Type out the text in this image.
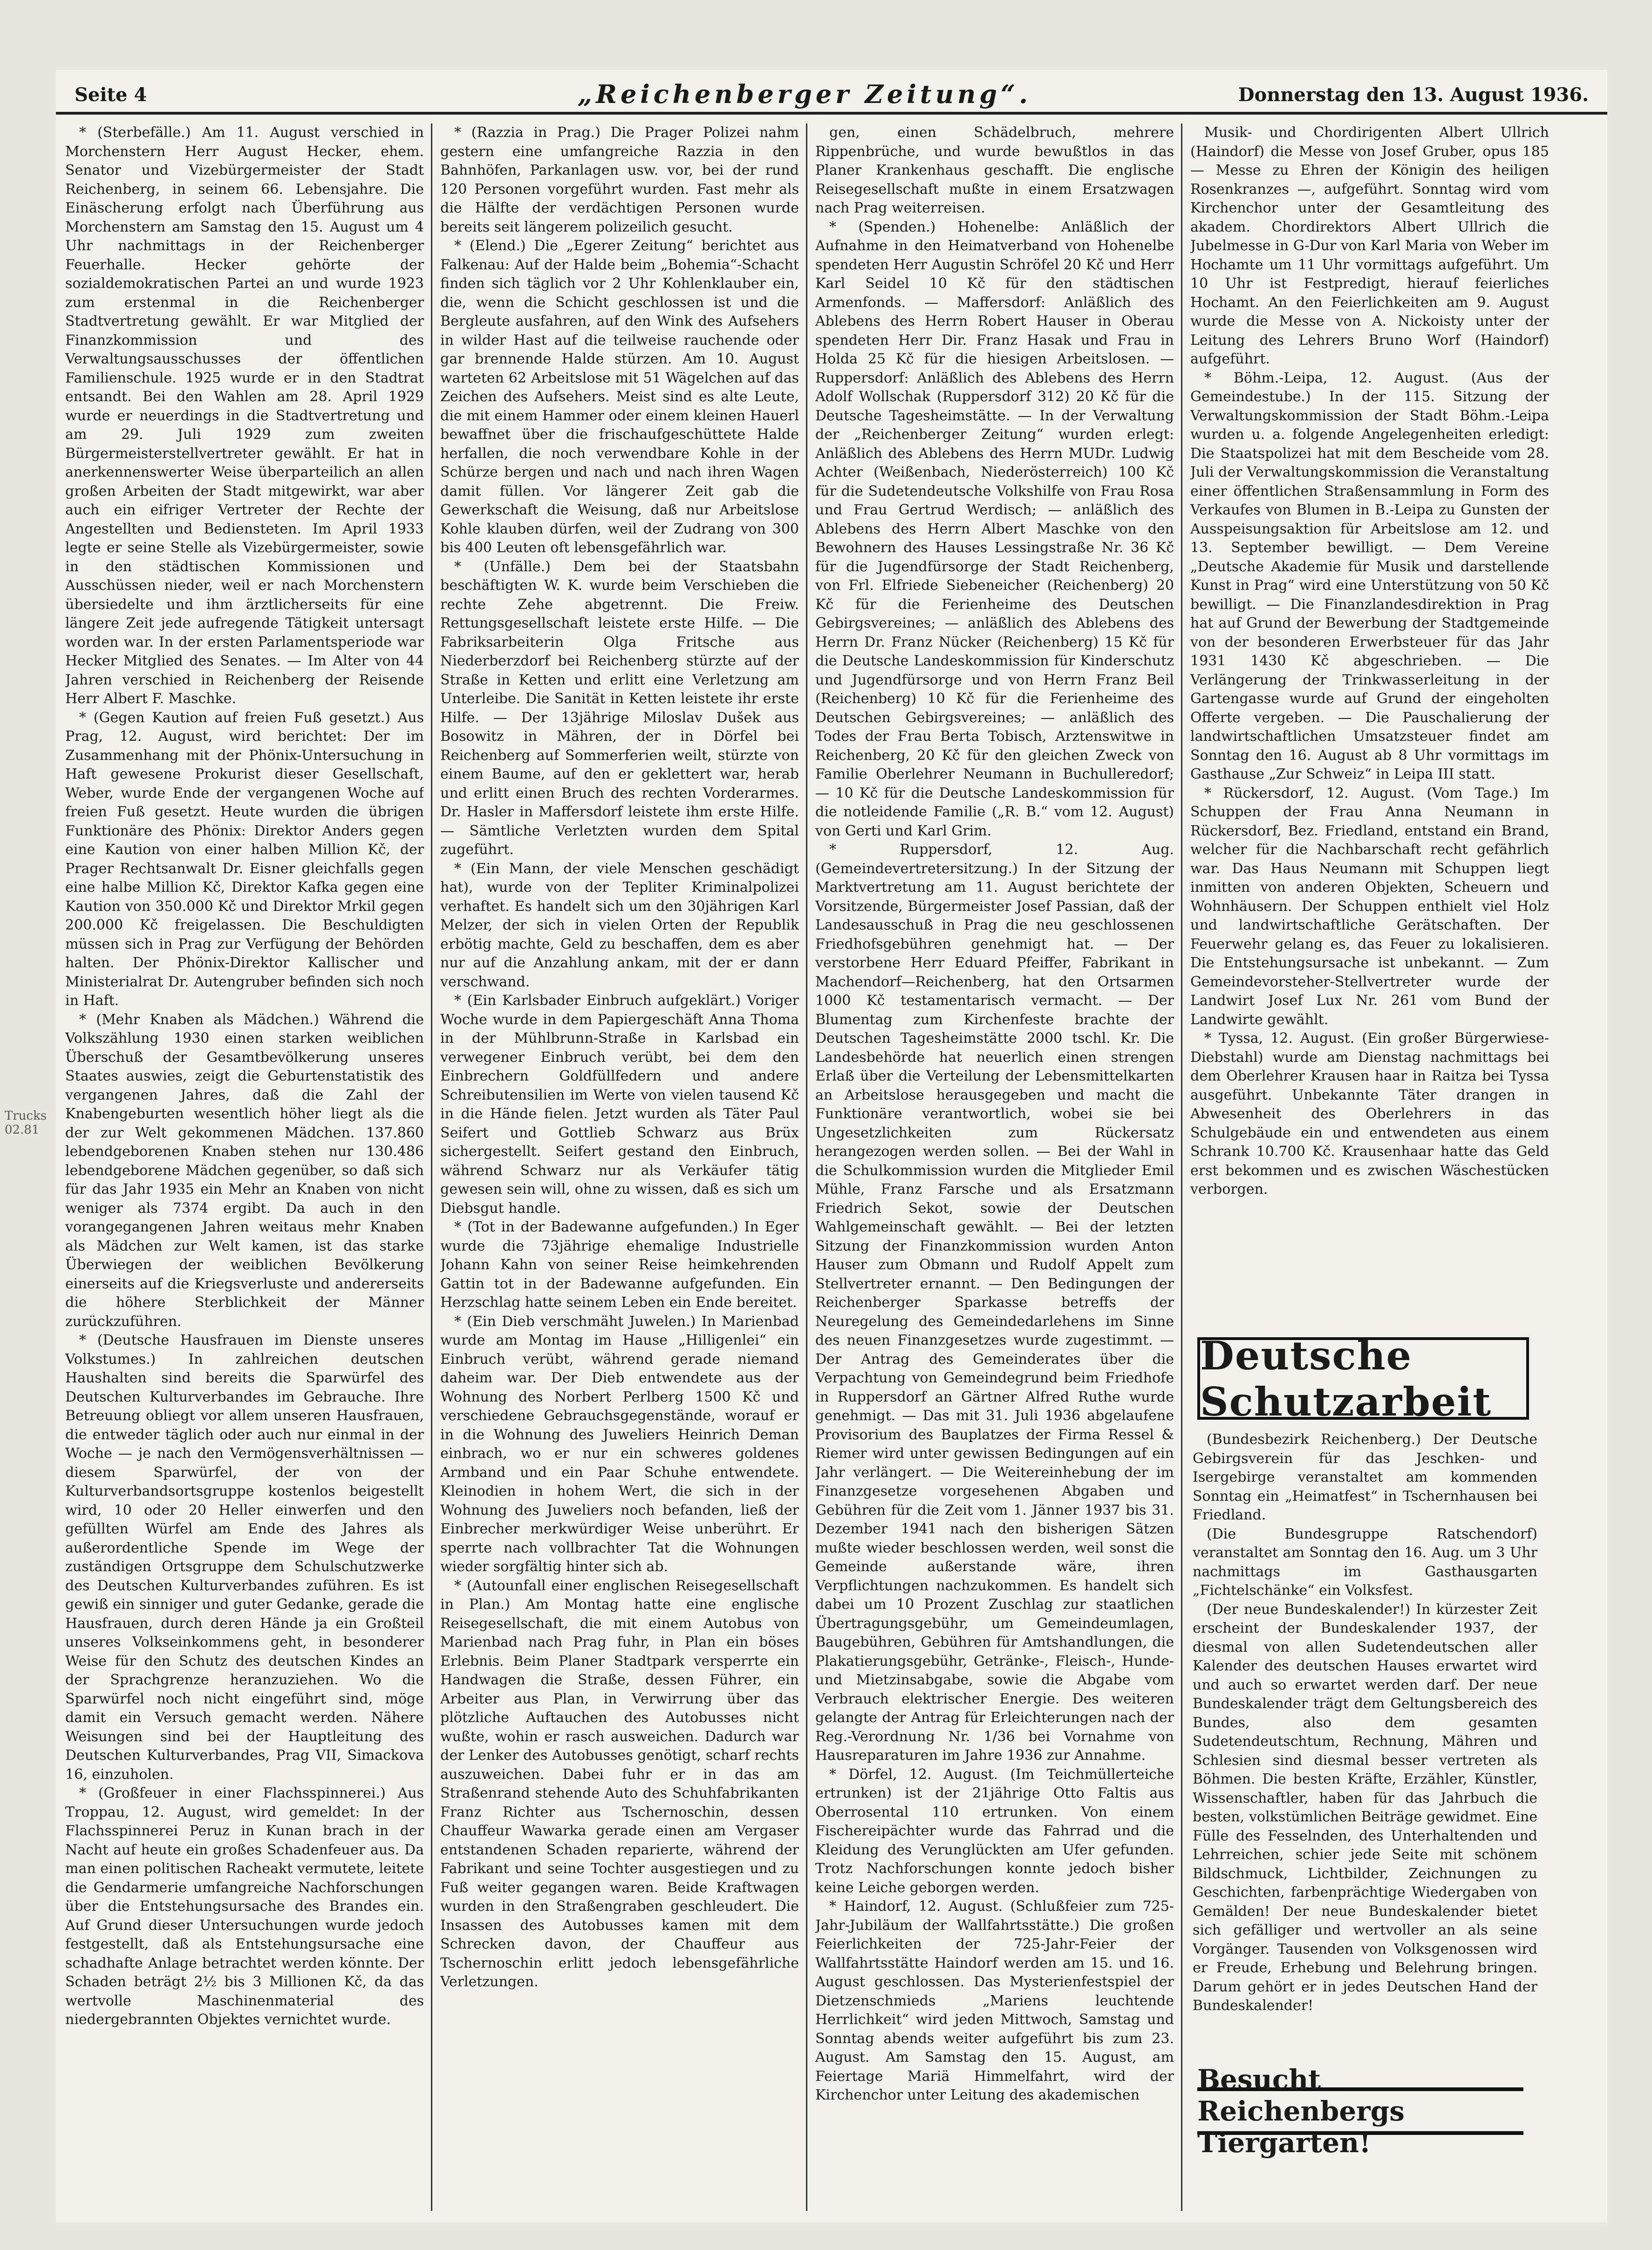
Seite 4	„Reichenberger Zeitung“.	Donnerstag den 13. August 1936.

* (Sterbefälle.) Am 11. August verschied in Morchenstern Herr August Hecker, ehem. Senator und Vizebürgermeister der Stadt Reichenberg, in seinem 66. Lebensjahre. Die Einäscherung erfolgt nach Überführung aus Morchenstern am Samstag den 15. August um 4 Uhr nachmittags in der Reichenberger Feuerhalle. Hecker gehörte der sozialdemokratischen Partei an und wurde 1923 zum erstenmal in die Reichenberger Stadtvertretung gewählt. Er war Mitglied der Finanzkommission und des Verwaltungsausschusses der öffentlichen Familienschule. 1925 wurde er in den Stadtrat entsandt. Bei den Wahlen am 28. April 1929 wurde er neuerdings in die Stadtvertretung und am 29. Juli 1929 zum zweiten Bürgermeisterstellvertreter gewählt. Er hat in anerkennenswerter Weise überparteilich an allen großen Arbeiten der Stadt mitgewirkt, war aber auch ein eifriger Vertreter der Rechte der Angestellten und Bediensteten. Im April 1933 legte er seine Stelle als Vizebürgermeister, sowie in den städtischen Kommissionen und Ausschüssen nieder, weil er nach Morchenstern übersiedelte und ihm ärztlicherseits für eine längere Zeit jede aufregende Tätigkeit untersagt worden war. In der ersten Parlamentsperiode war Hecker Mitglied des Senates. — Im Alter von 44 Jahren verschied in Reichenberg der Reisende Herr Albert F. Maschke.

* (Gegen Kaution auf freien Fuß gesetzt.) Aus Prag, 12. August, wird berichtet: Der im Zusammenhang mit der Phönix-Untersuchung in Haft gewesene Prokurist dieser Gesellschaft, Weber, wurde Ende der vergangenen Woche auf freien Fuß gesetzt. Heute wurden die übrigen Funktionäre des Phönix: Direktor Anders gegen eine Kaution von einer halben Million Kč, der Prager Rechtsanwalt Dr. Eisner gleichfalls gegen eine halbe Million Kč, Direktor Kafka gegen eine Kaution von 350.000 Kč und Direktor Mrkil gegen 200.000 Kč freigelassen. Die Beschuldigten müssen sich in Prag zur Verfügung der Behörden halten. Der Phönix-Direktor Kallischer und Ministerialrat Dr. Autengruber befinden sich noch in Haft.

* (Mehr Knaben als Mädchen.) Während die Volkszählung 1930 einen starken weiblichen Überschuß der Gesamtbevölkerung unseres Staates auswies, zeigt die Geburtenstatistik des vergangenen Jahres, daß die Zahl der Knabengeburten wesentlich höher liegt als die der zur Welt gekommenen Mädchen. 137.860 lebendgeborenen Knaben stehen nur 130.486 lebendgeborene Mädchen gegenüber, so daß sich für das Jahr 1935 ein Mehr an Knaben von nicht weniger als 7374 ergibt. Da auch in den vorangegangenen Jahren weitaus mehr Knaben als Mädchen zur Welt kamen, ist das starke Überwiegen der weiblichen Bevölkerung einerseits auf die Kriegsverluste und andererseits die höhere Sterblichkeit der Männer zurückzuführen.

* (Deutsche Hausfrauen im Dienste unseres Volkstumes.) In zahlreichen deutschen Haushalten sind bereits die Sparwürfel des Deutschen Kulturverbandes im Gebrauche. Ihre Betreuung obliegt vor allem unseren Hausfrauen, die entweder täglich oder auch nur einmal in der Woche — je nach den Vermögensverhältnissen — diesem Sparwürfel, der von der Kulturverbandsortsgruppe kostenlos beigestellt wird, 10 oder 20 Heller einwerfen und den gefüllten Würfel am Ende des Jahres als außerordentliche Spende im Wege der zuständigen Ortsgruppe dem Schulschutzwerke des Deutschen Kulturverbandes zuführen. Es ist gewiß ein sinniger und guter Gedanke, gerade die Hausfrauen, durch deren Hände ja ein Großteil unseres Volkseinkommens geht, in besonderer Weise für den Schutz des deutschen Kindes an der Sprachgrenze heranzuziehen. Wo die Sparwürfel noch nicht eingeführt sind, möge damit ein Versuch gemacht werden. Nähere Weisungen sind bei der Hauptleitung des Deutschen Kulturverbandes, Prag VII, Simackova 16, einzuholen.

* (Großfeuer in einer Flachsspinnerei.) Aus Troppau, 12. August, wird gemeldet: In der Flachsspinnerei Peruz in Kunan brach in der Nacht auf heute ein großes Schadenfeuer aus. Da man einen politischen Racheakt vermutete, leitete die Gendarmerie umfangreiche Nachforschungen über die Entstehungsursache des Brandes ein. Auf Grund dieser Untersuchungen wurde jedoch festgestellt, daß als Entstehungsursache eine schadhafte Anlage betrachtet werden könnte. Der Schaden beträgt 2½ bis 3 Millionen Kč, da das wertvolle Maschinenmaterial des niedergebrannten Objektes vernichtet wurde.

* (Razzia in Prag.) Die Prager Polizei nahm gestern eine umfangreiche Razzia in den Bahnhöfen, Parkanlagen usw. vor, bei der rund 120 Personen vorgeführt wurden. Fast mehr als die Hälfte der verdächtigen Personen wurde bereits seit längerem polizeilich gesucht.

* (Elend.) Die „Egerer Zeitung“ berichtet aus Falkenau: Auf der Halde beim „Bohemia“-Schacht finden sich täglich vor 2 Uhr Kohlenklauber ein, die, wenn die Schicht geschlossen ist und die Bergleute ausfahren, auf den Wink des Aufsehers in wilder Hast auf die teilweise rauchende oder gar brennende Halde stürzen. Am 10. August warteten 62 Arbeitslose mit 51 Wägelchen auf das Zeichen des Aufsehers. Meist sind es alte Leute, die mit einem Hammer oder einem kleinen Hauerl bewaffnet über die frischaufgeschüttete Halde herfallen, die noch verwendbare Kohle in der Schürze bergen und nach und nach ihren Wagen damit füllen. Vor längerer Zeit gab die Gewerkschaft die Weisung, daß nur Arbeitslose Kohle klauben dürfen, weil der Zudrang von 300 bis 400 Leuten oft lebensgefährlich war.

* (Unfälle.) Dem bei der Staatsbahn beschäftigten W. K. wurde beim Verschieben die rechte Zehe abgetrennt. Die Freiw. Rettungsgesellschaft leistete erste Hilfe. — Die Fabriksarbeiterin Olga Fritsche aus Niederberzdorf bei Reichenberg stürzte auf der Straße in Ketten und erlitt eine Verletzung am Unterleibe. Die Sanität in Ketten leistete ihr erste Hilfe. — Der 13jährige Miloslav Dušek aus Bosowitz in Mähren, der in Dörfel bei Reichenberg auf Sommerferien weilt, stürzte von einem Baume, auf den er geklettert war, herab und erlitt einen Bruch des rechten Vorderarmes. Dr. Hasler in Maffersdorf leistete ihm erste Hilfe. — Sämtliche Verletzten wurden dem Spital zugeführt.

* (Ein Mann, der viele Menschen geschädigt hat), wurde von der Tepliter Kriminalpolizei verhaftet. Es handelt sich um den 30jährigen Karl Melzer, der sich in vielen Orten der Republik erbötig machte, Geld zu beschaffen, dem es aber nur auf die Anzahlung ankam, mit der er dann verschwand.

* (Ein Karlsbader Einbruch aufgeklärt.) Voriger Woche wurde in dem Papiergeschäft Anna Thoma in der Mühlbrunn-Straße in Karlsbad ein verwegener Einbruch verübt, bei dem den Einbrechern Goldfüllfedern und andere Schreibutensilien im Werte von vielen tausend Kč in die Hände fielen. Jetzt wurden als Täter Paul Seifert und Gottlieb Schwarz aus Brüx sichergestellt. Seifert gestand den Einbruch, während Schwarz nur als Verkäufer tätig gewesen sein will, ohne zu wissen, daß es sich um Diebsgut handle.

* (Tot in der Badewanne aufgefunden.) In Eger wurde die 73jährige ehemalige Industrielle Johann Kahn von seiner Reise heimkehrenden Gattin tot in der Badewanne aufgefunden. Ein Herzschlag hatte seinem Leben ein Ende bereitet.

* (Ein Dieb verschmäht Juwelen.) In Marienbad wurde am Montag im Hause „Hilligenlei“ ein Einbruch verübt, während gerade niemand daheim war. Der Dieb entwendete aus der Wohnung des Norbert Perlberg 1500 Kč und verschiedene Gebrauchsgegenstände, worauf er in die Wohnung des Juweliers Heinrich Deman einbrach, wo er nur ein schweres goldenes Armband und ein Paar Schuhe entwendete. Kleinodien in hohem Wert, die sich in der Wohnung des Juweliers noch befanden, ließ der Einbrecher merkwürdiger Weise unberührt. Er sperrte nach vollbrachter Tat die Wohnungen wieder sorgfältig hinter sich ab.

* (Autounfall einer englischen Reisegesellschaft in Plan.) Am Montag hatte eine englische Reisegesellschaft, die mit einem Autobus von Marienbad nach Prag fuhr, in Plan ein böses Erlebnis. Beim Planer Stadtpark versperrte ein Handwagen die Straße, dessen Führer, ein Arbeiter aus Plan, in Verwirrung über das plötzliche Auftauchen des Autobusses nicht wußte, wohin er rasch ausweichen. Dadurch war der Lenker des Autobusses genötigt, scharf rechts auszuweichen. Dabei fuhr er in das am Straßenrand stehende Auto des Schuhfabrikanten Franz Richter aus Tschernoschin, dessen Chauffeur Wawarka gerade einen am Vergaser entstandenen Schaden reparierte, während der Fabrikant und seine Tochter ausgestiegen und zu Fuß weiter gegangen waren. Beide Kraftwagen wurden in den Straßengraben geschleudert. Die Insassen des Autobusses kamen mit dem Schrecken davon, der Chauffeur aus Tschernoschin erlitt jedoch lebensgefährliche Verletzungen.

gen, einen Schädelbruch, mehrere Rippenbrüche, und wurde bewußtlos in das Planer Krankenhaus geschafft. Die englische Reisegesellschaft mußte in einem Ersatzwagen nach Prag weiterreisen.

* (Spenden.) Hohenelbe: Anläßlich der Aufnahme in den Heimatverband von Hohenelbe spendeten Herr Augustin Schröfel 20 Kč und Herr Karl Seidel 10 Kč für den städtischen Armenfonds. — Maffersdorf: Anläßlich des Ablebens des Herrn Robert Hauser in Oberau spendeten Herr Dir. Franz Hasak und Frau in Holda 25 Kč für die hiesigen Arbeitslosen. — Ruppersdorf: Anläßlich des Ablebens des Herrn Adolf Wollschak (Ruppersdorf 312) 20 Kč für die Deutsche Tagesheimstätte. — In der Verwaltung der „Reichenberger Zeitung“ wurden erlegt: Anläßlich des Ablebens des Herrn MUDr. Ludwig Achter (Weißenbach, Niederösterreich) 100 Kč für die Sudetendeutsche Volkshilfe von Frau Rosa und Frau Gertrud Werdisch; — anläßlich des Ablebens des Herrn Albert Maschke von den Bewohnern des Hauses Lessingstraße Nr. 36 Kč für die Jugendfürsorge der Stadt Reichenberg, von Frl. Elfriede Siebeneicher (Reichenberg) 20 Kč für die Ferienheime des Deutschen Gebirgsvereines; — anläßlich des Ablebens des Herrn Dr. Franz Nücker (Reichenberg) 15 Kč für die Deutsche Landeskommission für Kinderschutz und Jugendfürsorge und von Herrn Franz Beil (Reichenberg) 10 Kč für die Ferienheime des Deutschen Gebirgsvereines; — anläßlich des Todes der Frau Berta Tobisch, Arztenswitwe in Reichenberg, 20 Kč für den gleichen Zweck von Familie Oberlehrer Neumann in Buchulleredorf; — 10 Kč für die Deutsche Landeskommission für die notleidende Familie („R. B.“ vom 12. August) von Gerti und Karl Grim.

* Ruppersdorf, 12. Aug. (Gemeindevertretersitzung.) In der Sitzung der Marktvertretung am 11. August berichtete der Vorsitzende, Bürgermeister Josef Passian, daß der Landesausschuß in Prag die neu geschlossenen Friedhofsgebühren genehmigt hat. — Der verstorbene Herr Eduard Pfeiffer, Fabrikant in Machendorf—Reichenberg, hat den Ortsarmen 1000 Kč testamentarisch vermacht. — Der Blumentag zum Kirchenfeste brachte der Deutschen Tagesheimstätte 2000 tschl. Kr. Die Landesbehörde hat neuerlich einen strengen Erlaß über die Verteilung der Lebensmittelkarten an Arbeitslose herausgegeben und macht die Funktionäre verantwortlich, wobei sie bei Ungesetzlichkeiten zum Rückersatz herangezogen werden sollen. — Bei der Wahl in die Schulkommission wurden die Mitglieder Emil Mühle, Franz Farsche und als Ersatzmann Friedrich Sekot, sowie der Deutschen Wahlgemeinschaft gewählt. — Bei der letzten Sitzung der Finanzkommission wurden Anton Hauser zum Obmann und Rudolf Appelt zum Stellvertreter ernannt. — Den Bedingungen der Reichenberger Sparkasse betreffs der Neuregelung des Gemeindedarlehens im Sinne des neuen Finanzgesetzes wurde zugestimmt. — Der Antrag des Gemeinderates über die Verpachtung von Gemeindegrund beim Friedhofe in Ruppersdorf an Gärtner Alfred Ruthe wurde genehmigt. — Das mit 31. Juli 1936 abgelaufene Provisorium des Bauplatzes der Firma Ressel & Riemer wird unter gewissen Bedingungen auf ein Jahr verlängert. — Die Weitereinhebung der im Finanzgesetze vorgesehenen Abgaben und Gebühren für die Zeit vom 1. Jänner 1937 bis 31. Dezember 1941 nach den bisherigen Sätzen mußte wieder beschlossen werden, weil sonst die Gemeinde außerstande wäre, ihren Verpflichtungen nachzukommen. Es handelt sich dabei um 10 Prozent Zuschlag zur staatlichen Übertragungsgebühr, um Gemeindeumlagen, Baugebühren, Gebühren für Amtshandlungen, die Plakatierungsgebühr, Getränke-, Fleisch-, Hunde- und Mietzinsabgabe, sowie die Abgabe vom Verbrauch elektrischer Energie. Des weiteren gelangte der Antrag für Erleichterungen nach der Reg.-Verordnung Nr. 1/36 bei Vornahme von Hausreparaturen im Jahre 1936 zur Annahme.

* Dörfel, 12. August. (Im Teichmüllerteiche ertrunken) ist der 21jährige Otto Faltis aus Oberrosental 110 ertrunken. Von einem Fischereipächter wurde das Fahrrad und die Kleidung des Verunglückten am Ufer gefunden. Trotz Nachforschungen konnte jedoch bisher keine Leiche geborgen werden.

* Haindorf, 12. August. (Schlußfeier zum 725-Jahr-Jubiläum der Wallfahrtsstätte.) Die großen Feierlichkeiten der 725-Jahr-Feier der Wallfahrtsstätte Haindorf werden am 15. und 16. August geschlossen. Das Mysterienfestspiel der Dietzenschmieds „Mariens leuchtende Herrlichkeit“ wird jeden Mittwoch, Samstag und Sonntag abends weiter aufgeführt bis zum 23. August. Am Samstag den 15. August, am Feiertage Mariä Himmelfahrt, wird der Kirchenchor unter Leitung des akademischen

Musik- und Chordirigenten Albert Ullrich (Haindorf) die Messe von Josef Gruber, opus 185 — Messe zu Ehren der Königin des heiligen Rosenkranzes —, aufgeführt. Sonntag wird vom Kirchenchor unter der Gesamtleitung des akadem. Chordirektors Albert Ullrich die Jubelmesse in G-Dur von Karl Maria von Weber im Hochamte um 11 Uhr vormittags aufgeführt. Um 10 Uhr ist Festpredigt, hierauf feierliches Hochamt. An den Feierlichkeiten am 9. August wurde die Messe von A. Nickoisty unter der Leitung des Lehrers Bruno Worf (Haindorf) aufgeführt.

* Böhm.-Leipa, 12. August. (Aus der Gemeindestube.) In der 115. Sitzung der Verwaltungskommission der Stadt Böhm.-Leipa wurden u. a. folgende Angelegenheiten erledigt: Die Staatspolizei hat mit dem Bescheide vom 28. Juli der Verwaltungskommission die Veranstaltung einer öffentlichen Straßensammlung in Form des Verkaufes von Blumen in B.-Leipa zu Gunsten der Ausspeisungsaktion für Arbeitslose am 12. und 13. September bewilligt. — Dem Vereine „Deutsche Akademie für Musik und darstellende Kunst in Prag“ wird eine Unterstützung von 50 Kč bewilligt. — Die Finanzlandesdirektion in Prag hat auf Grund der Bewerbung der Stadtgemeinde von der besonderen Erwerbsteuer für das Jahr 1931 1430 Kč abgeschrieben. — Die Verlängerung der Trinkwasserleitung in der Gartengasse wurde auf Grund der eingeholten Offerte vergeben. — Die Pauschalierung der landwirtschaftlichen Umsatzsteuer findet am Sonntag den 16. August ab 8 Uhr vormittags im Gasthause „Zur Schweiz“ in Leipa III statt.

* Rückersdorf, 12. August. (Vom Tage.) Im Schuppen der Frau Anna Neumann in Rückersdorf, Bez. Friedland, entstand ein Brand, welcher für die Nachbarschaft recht gefährlich war. Das Haus Neumann mit Schuppen liegt inmitten von anderen Objekten, Scheuern und Wohnhäusern. Der Schuppen enthielt viel Holz und landwirtschaftliche Gerätschaften. Der Feuerwehr gelang es, das Feuer zu lokalisieren. Die Entstehungsursache ist unbekannt. — Zum Gemeindevorsteher-Stellvertreter wurde der Landwirt Josef Lux Nr. 261 vom Bund der Landwirte gewählt.

* Tyssa, 12. August. (Ein großer Bürgerwiese-Diebstahl) wurde am Dienstag nachmittags bei dem Oberlehrer Krausen haar in Raitza bei Tyssa ausgeführt. Unbekannte Täter drangen in Abwesenheit des Oberlehrers in das Schulgebäude ein und entwendeten aus einem Schrank 10.700 Kč. Krausenhaar hatte das Geld erst bekommen und es zwischen Wäschestücken verborgen.

Deutsche Schutzarbeit

(Bundesbezirk Reichenberg.) Der Deutsche Gebirgsverein für das Jeschken- und Isergebirge veranstaltet am kommenden Sonntag ein „Heimatfest“ in Tschernhausen bei Friedland.

(Die Bundesgruppe Ratschendorf) veranstaltet am Sonntag den 16. Aug. um 3 Uhr nachmittags im Gasthausgarten „Fichtelschänke“ ein Volksfest.

(Der neue Bundeskalender!) In kürzester Zeit erscheint der Bundeskalender 1937, der diesmal von allen Sudetendeutschen aller Kalender des deutschen Hauses erwartet wird und auch so erwartet werden darf. Der neue Bundeskalender trägt dem Geltungsbereich des Bundes, also dem gesamten Sudetendeutschtum, Rechnung, Mähren und Schlesien sind diesmal besser vertreten als Böhmen. Die besten Kräfte, Erzähler, Künstler, Wissenschaftler, haben für das Jahrbuch die besten, volkstümlichen Beiträge gewidmet. Eine Fülle des Fesselnden, des Unterhaltenden und Lehrreichen, schier jede Seite mit schönem Bildschmuck, Lichtbilder, Zeichnungen zu Geschichten, farbenprächtige Wiedergaben von Gemälden! Der neue Bundeskalender bietet sich gefälliger und wertvoller an als seine Vorgänger. Tausenden von Volksgenossen wird er Freude, Erhebung und Belehrung bringen. Darum gehört er in jedes Deutschen Hand der Bundeskalender!

Besucht Reichenbergs Tiergarten!
Trucks 02.81
